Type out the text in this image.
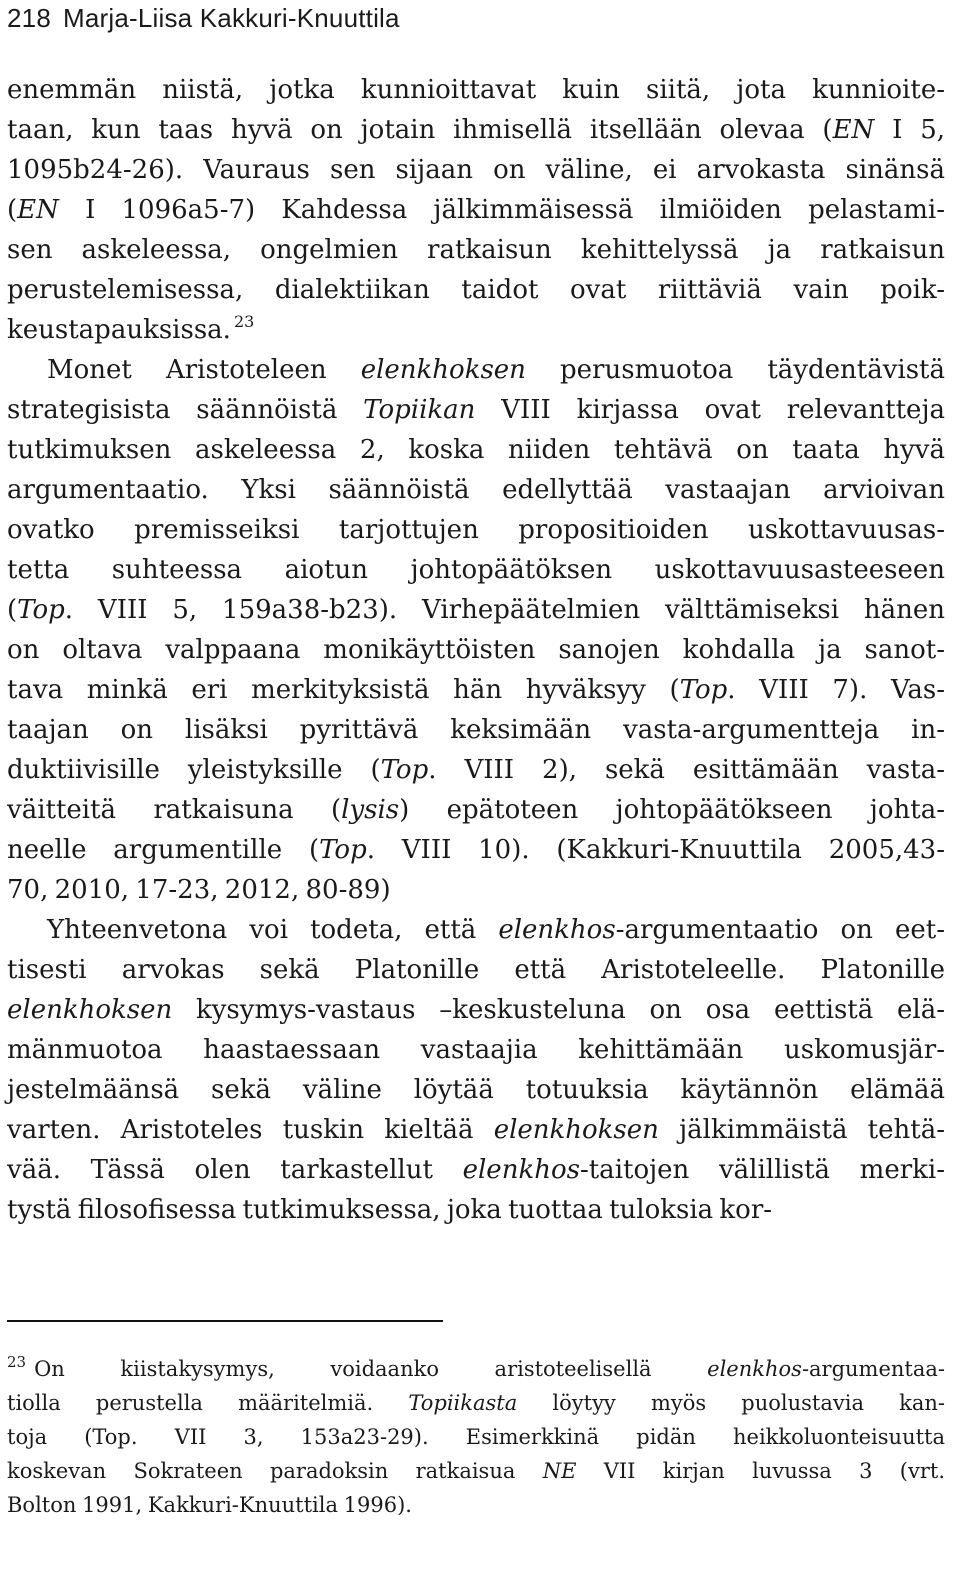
218 Marja-Liisa Kakkuri-Knuuttila
enemmän niistä, jotka kunnioittavat kuin siitä, jota kunnioite-
taan, kun taas hyvä on jotain ihmisellä itsellään olevaa (EN I 5,
1095b24-26). Vauraus sen sijaan on väline, ei arvokasta sinänsä
(EN I 1096a5-7) Kahdessa jälkimmäisessä ilmiöiden pelastami-
sen askeleessa, ongelmien ratkaisun kehittelyssä ja ratkaisun
perustelemisessa, dialektiikan taidot ovat riittäviä vain poik-
keustapauksissa. $^{23}$
Monet Aristoteleen elenkhoksen perusmuotoa täydentävistä
strategisista säännöistä Topiikan VIII kirjassa ovat relevantteja
tutkimuksen askeleessa 2, koska niiden tehtävä on taata hyvä
argumentaatio. Yksi säännöistä edellyttää vastaajan arvioivan
ovatko premisseiksi tarjottujen propositioiden uskottavuusas-
tetta suhteessa aiotun johtopäätöksen uskottavuusasteeseen
(Top. VIII 5, 159a38-b23). Virhepäätelmien välttämiseksi hänen
on oltava valppaana monikäyttöisten sanojen kohdalla ja sanot-
tava minkä eri merkityksistä hän hyväksyy (Top. VIII 7). Vas-
taajan on lisäksi pyrittävä keksimään vasta-argumentteja in-
duktiivisille yleistyksille (Top. VIII 2), sekä esittämään vasta-
väitteitä ratkaisuna (lysis) epätoteen johtopäätökseen johta-
neelle argumentille (Top. VIII 10). (Kakkuri-Knuuttila 2005,43-
70, 2010, 17-23, 2012, 80-89)
Yhteenvetona voi todeta, että elenkhos-argumentaatio on eet-
tisesti arvokas sekä Platonille että Aristoteleelle. Platonille
elenkhoksen kysymys-vastaus –keskusteluna on osa eettistä elä-
mänmuotoa haastaessaan vastaajia kehittämään uskomusjär-
jestelmäänsä sekä väline löytää totuuksia käytännön elämää
varten. Aristoteles tuskin kieltää elenkhoksen jälkimmäistä tehtä-
vää. Tässä olen tarkastellut elenkhos-taitojen välillistä merki-
tystä filosofisessa tutkimuksessa, joka tuottaa tuloksia kor-
$^{23}$ On kiistakysymys, voidaanko aristoteelisellä elenkhos-argumentaa-
tiolla perustella määritelmiä. Topiikasta löytyy myös puolustavia kan-
toja (Top. VII 3, 153a23-29). Esimerkkinä pidän heikkoluonteisuutta
koskevan Sokrateen paradoksin ratkaisua NE VII kirjan luvussa 3 (vrt.
Bolton 1991, Kakkuri-Knuuttila 1996).
